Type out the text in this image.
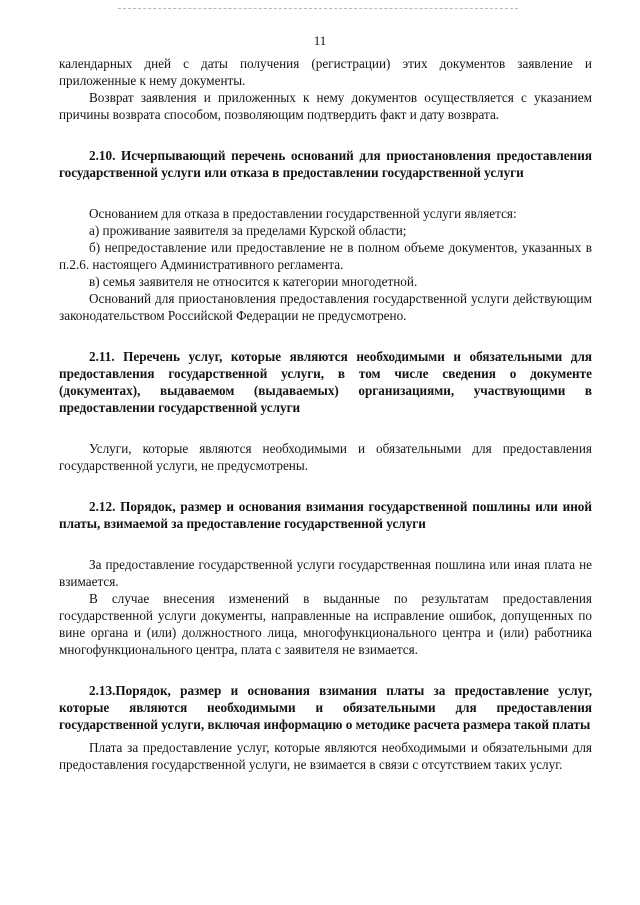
11

календарных дней с даты получения (регистрации) этих документов заявление и приложенные к нему документы.

Возврат заявления и приложенных к нему документов осуществляется с указанием причины возврата способом, позволяющим подтвердить факт и дату возврата.

2.10. Исчерпывающий перечень оснований для приостановления предоставления государственной услуги или отказа в предоставлении государственной услуги

Основанием для отказа в предоставлении государственной услуги является:

а) проживание заявителя за пределами Курской области;

б) непредоставление или предоставление не в полном объеме документов, указанных в п.2.6. настоящего Административного регламента.

в) семья заявителя не относится к категории многодетной.

Оснований для приостановления предоставления государственной услуги действующим законодательством Российской Федерации не предусмотрено.

2.11. Перечень услуг, которые являются необходимыми и обязательными для предоставления государственной услуги, в том числе сведения о документе (документах), выдаваемом (выдаваемых) организациями, участвующими в предоставлении государственной услуги

Услуги, которые являются необходимыми и обязательными для предоставления государственной услуги, не предусмотрены.

2.12. Порядок, размер и основания взимания государственной пошлины или иной платы, взимаемой за предоставление государственной услуги

За предоставление государственной услуги государственная пошлина или иная плата не взимается.

В случае внесения изменений в выданные по результатам предоставления государственной услуги документы, направленные на исправление ошибок, допущенных по вине органа и (или) должностного лица, многофункционального центра и (или) работника многофункционального центра, плата с заявителя не взимается.

2.13.Порядок, размер и основания взимания платы за предоставление услуг, которые являются необходимыми и обязательными для предоставления государственной услуги, включая информацию о методике расчета размера такой платы

Плата за предоставление услуг, которые являются необходимыми и обязательными для предоставления государственной услуги, не взимается в связи с отсутствием таких услуг.
